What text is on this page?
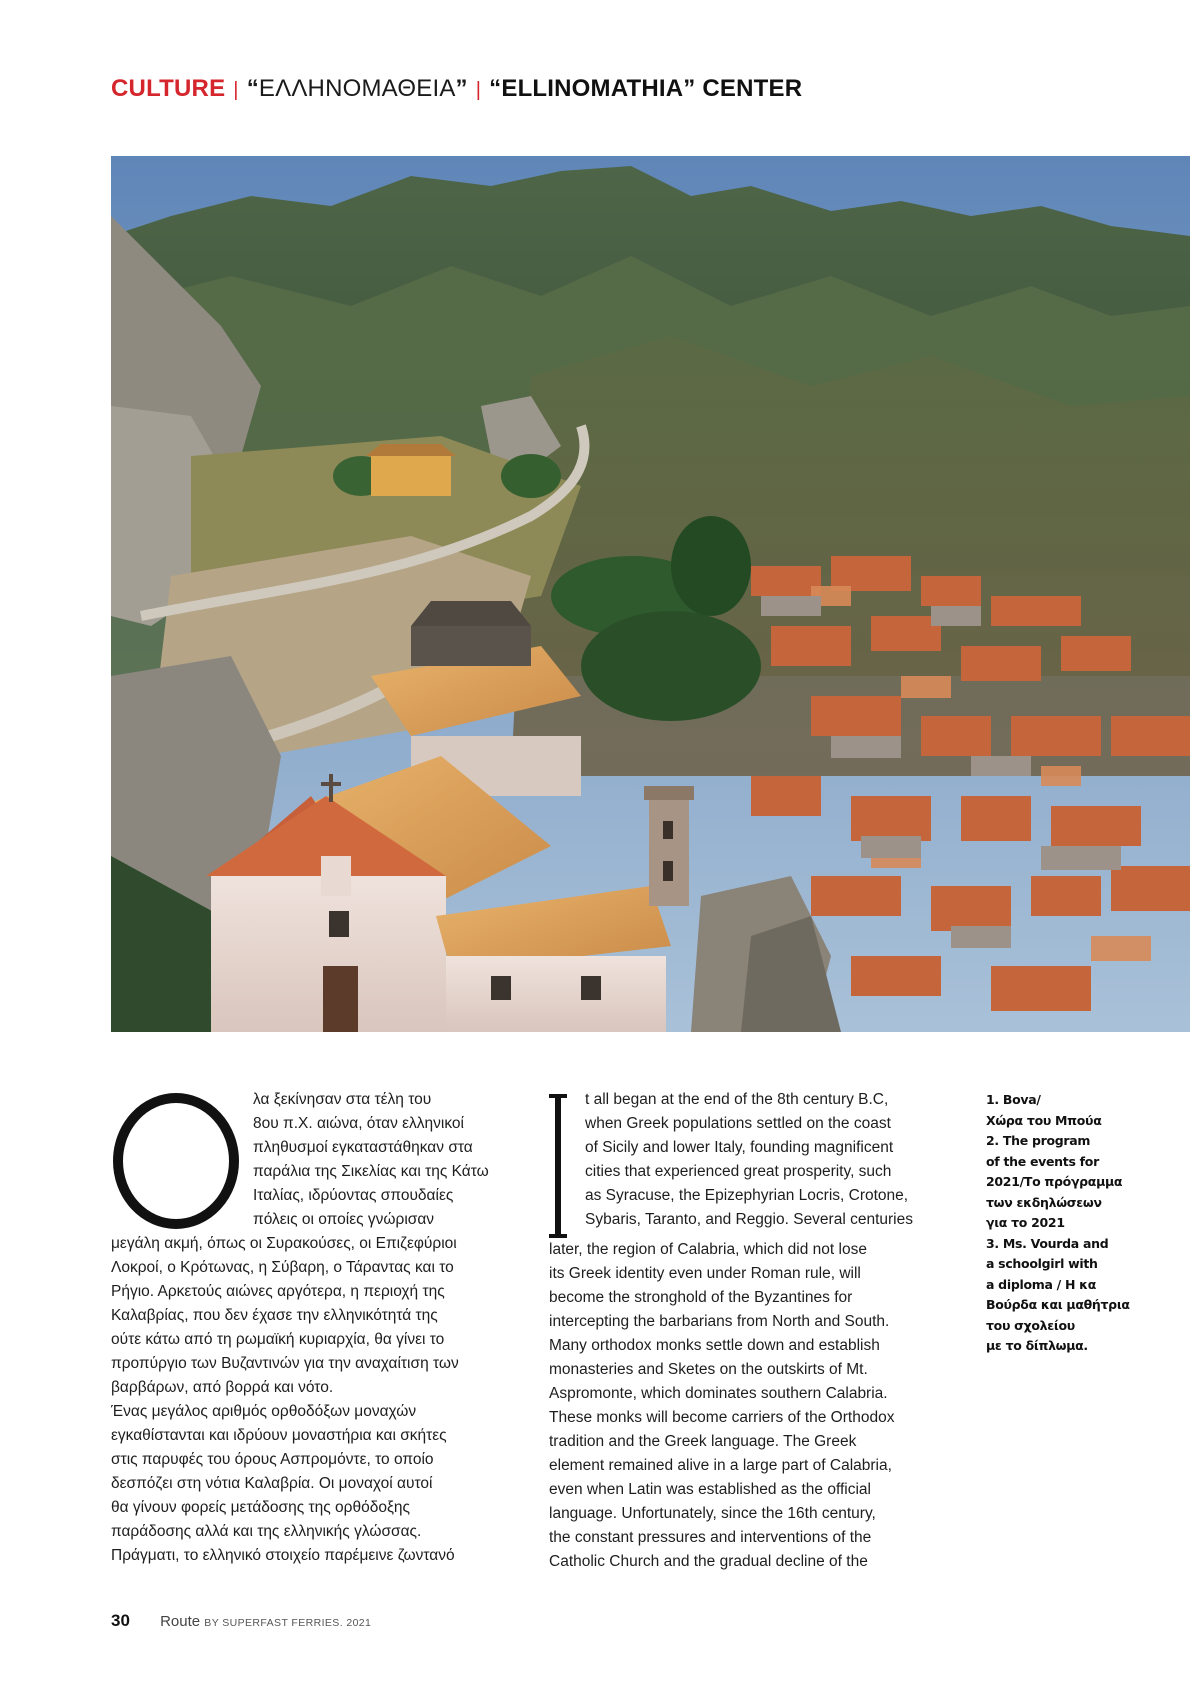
CULTURE | “ΕΛΛΗΝΟΜΑΘΕΙΑ” | “ELLINOMATHIA” CENTER

λα ξεκίνησαν στα τέλη του

8ου π.Χ. αιώνα, όταν ελληνικοί

πληθυσμοί εγκαταστάθηκαν στα

παράλια της Σικελίας και της Κάτω

Ιταλίας, ιδρύοντας σπουδαίες

πόλεις οι οποίες γνώρισαν

μεγάλη ακμή, όπως οι Συρακούσες, οι Επιζεφύριοι

Λοκροί, ο Κρότωνας, η Σύβαρη, ο Τάραντας και το

Ρήγιο. Αρκετούς αιώνες αργότερα, η περιοχή της

Καλαβρίας, που δεν έχασε την ελληνικότητά της

ούτε κάτω από τη ρωμαϊκή κυριαρχία, θα γίνει το

προπύργιο των Βυζαντινών για την αναχαίτιση των

βαρβάρων, από βορρά και νότο.

Ένας μεγάλος αριθμός ορθοδόξων μοναχών

εγκαθίστανται και ιδρύουν μοναστήρια και σκήτες

στις παρυφές του όρους Ασπρομόντε, το οποίο

δεσπόζει στη νότια Καλαβρία. Οι μοναχοί αυτοί

θα γίνουν φορείς μετάδοσης της ορθόδοξης

παράδοσης αλλά και της ελληνικής γλώσσας.

Πράγματι, το ελληνικό στοιχείο παρέμεινε ζωντανό

t all began at the end of the 8th century B.C,

when Greek populations settled on the coast

of Sicily and lower Italy, founding magnificent

cities that experienced great prosperity, such

as Syracuse, the Epizephyrian Locris, Crotone,

Sybaris, Taranto, and Reggio. Several centuries

later, the region of Calabria, which did not lose

its Greek identity even under Roman rule, will

become the stronghold of the Byzantines for

intercepting the barbarians from North and South.

Many orthodox monks settle down and establish

monasteries and Sketes on the outskirts of Mt.

Aspromonte, which dominates southern Calabria.

These monks will become carriers of the Orthodox

tradition and the Greek language. The Greek

element remained alive in a large part of Calabria,

even when Latin was established as the official

language. Unfortunately, since the 16th century,

the constant pressures and interventions of the

Catholic Church and the gradual decline of the

1. Bova/
Χώρα του Μπούα
2. The program
of the events for
2021/Το πρόγραμμα
των εκδηλώσεων
για το 2021
3. Ms. Vourda and
a schoolgirl with
a diploma / Η κα
Βούρδα και μαθήτρια
του σχολείου
με το δίπλωμα.
30 Route BY SUPERFAST FERRIES. 2021
